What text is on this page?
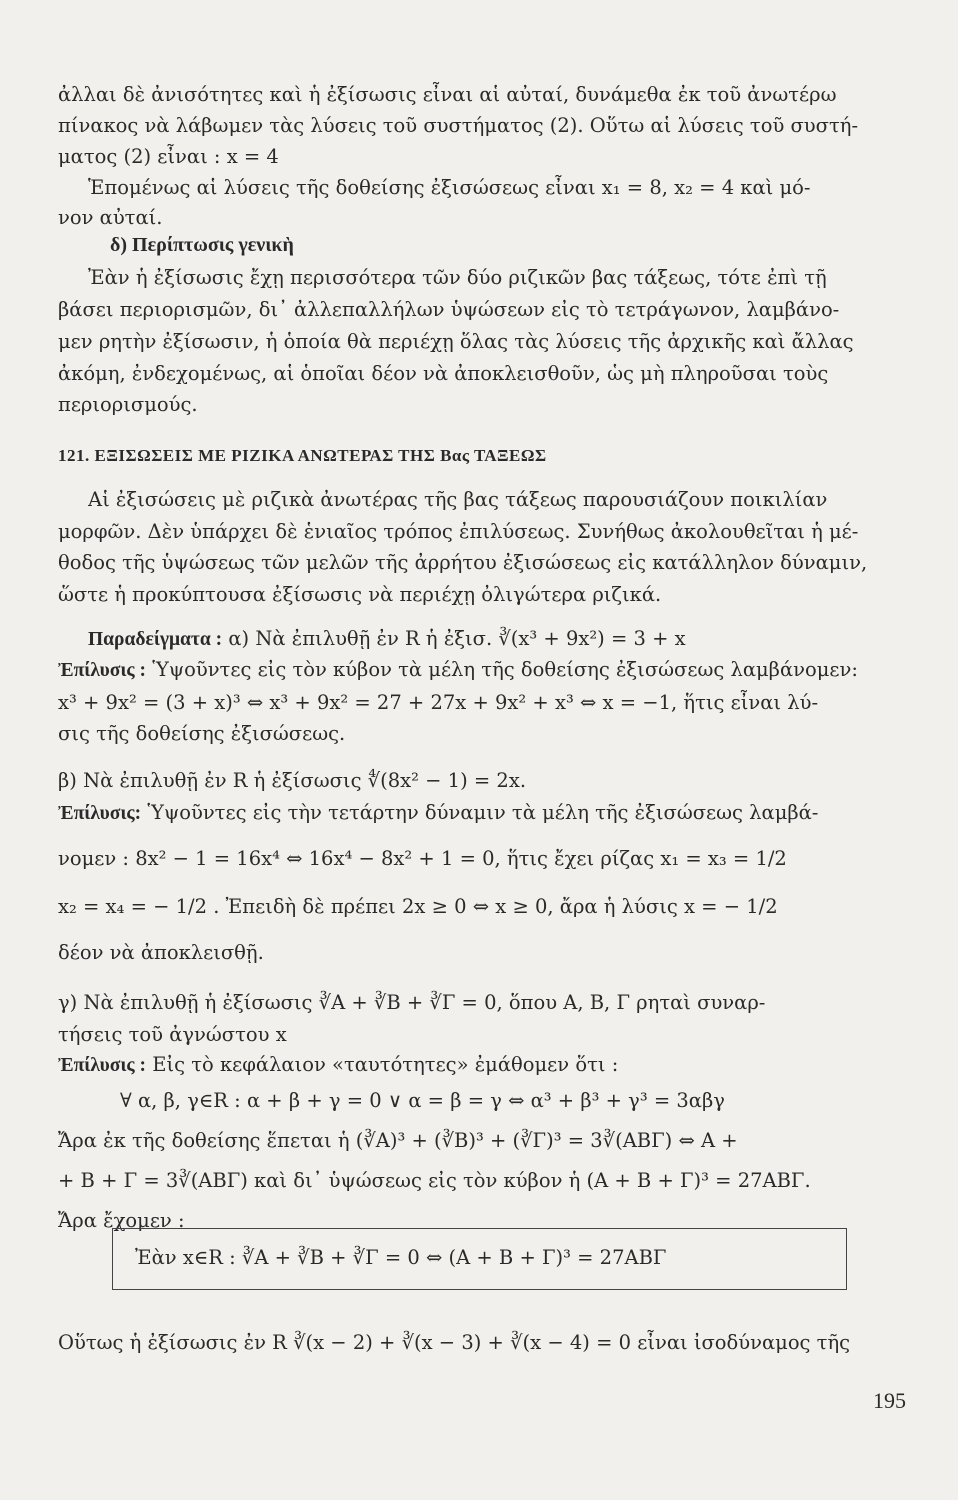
ἀλλαι δὲ ἀνισότητες καὶ ἡ ἐξίσωσις εἶναι αἱ αὐταί, δυνάμεθα ἐκ τοῦ ἀνωτέρω
πίνακος νὰ λάβωμεν τὰς λύσεις τοῦ συστήματος (2). Οὕτω αἱ λύσεις τοῦ συστή-
ματος (2) εἶναι : x = 4
Ἑπομένως αἱ λύσεις τῆς δοθείσης ἐξισώσεως εἶναι x₁ = 8, x₂ = 4 καὶ μό-
νον αὐταί.
δ) Περίπτωσις γενικὴ
Ἐὰν ἡ ἐξίσωσις ἔχῃ περισσότερα τῶν δύο ριζικῶν βας τάξεως, τότε ἐπὶ τῇ
βάσει περιορισμῶν, δι᾿ ἀλλεπαλλήλων ὑψώσεων εἰς τὸ τετράγωνον, λαμβάνο-
μεν ρητὴν ἐξίσωσιν, ἡ ὁποία θὰ περιέχῃ ὅλας τὰς λύσεις τῆς ἀρχικῆς καὶ ἄλλας
ἀκόμη, ἐνδεχομένως, αἱ ὁποῖαι δέον νὰ ἀποκλεισθοῦν, ὡς μὴ πληροῦσαι τοὺς
περιορισμούς.
121. ΕΞΙΣΩΣΕΙΣ ΜΕ ΡΙΖΙΚΑ ΑΝΩΤΕΡΑΣ ΤΗΣ Βας ΤΑΞΕΩΣ
Αἱ ἐξισώσεις μὲ ριζικὰ ἀνωτέρας τῆς βας τάξεως παρουσιάζουν ποικιλίαν
μορφῶν. Δὲν ὑπάρχει δὲ ἑνιαῖος τρόπος ἐπιλύσεως. Συνήθως ἀκολουθεῖται ἡ μέ-
θοδος τῆς ὑψώσεως τῶν μελῶν τῆς ἀρρήτου ἐξισώσεως εἰς κατάλληλον δύναμιν,
ὥστε ἡ προκύπτουσα ἐξίσωσις νὰ περιέχῃ ὀλιγώτερα ριζικά.
Παραδείγματα : α) Νὰ ἐπιλυθῇ ἐν R ἡ ἐξισ. ∛(x³ + 9x²) = 3 + x
Ἐπίλυσις : Ὑψοῦντες εἰς τὸν κύβον τὰ μέλη τῆς δοθείσης ἐξισώσεως λαμβάνομεν:
x³ + 9x² = (3 + x)³ ⇔ x³ + 9x² = 27 + 27x + 9x² + x³ ⇔ x = −1, ἥτις εἶναι λύ-
σις τῆς δοθείσης ἐξισώσεως.
β) Νὰ ἐπιλυθῇ ἐν R ἡ ἐξίσωσις ∜(8x² − 1) = 2x.
Ἐπίλυσις: Ὑψοῦντες εἰς τὴν τετάρτην δύναμιν τὰ μέλη τῆς ἐξισώσεως λαμβά-
νομεν : 8x² − 1 = 16x⁴ ⇔ 16x⁴ − 8x² + 1 = 0, ἥτις ἔχει ρίζας x₁ = x₃ = 1/2
x₂ = x₄ = − 1/2 . Ἐπειδὴ δὲ πρέπει 2x ≥ 0 ⇔ x ≥ 0, ἄρα ἡ λύσις x = − 1/2
δέον νὰ ἀποκλεισθῇ.
γ) Νὰ ἐπιλυθῇ ἡ ἐξίσωσις ∛A + ∛B + ∛Γ = 0, ὅπου A, B, Γ ρηταὶ συναρ-
τήσεις τοῦ ἀγνώστου x
Ἐπίλυσις : Εἰς τὸ κεφάλαιον «ταυτότητες» ἐμάθομεν ὅτι :
∀ α, β, γ∈R : α + β + γ = 0 ∨ α = β = γ ⇔ α³ + β³ + γ³ = 3αβγ
Ἄρα ἐκ τῆς δοθείσης ἕπεται ἡ (∛A)³ + (∛B)³ + (∛Γ)³ = 3∛(ABΓ) ⇔ A +
+ B + Γ = 3∛(ABΓ) καὶ δι᾿ ὑψώσεως εἰς τὸν κύβον ἡ (A + B + Γ)³ = 27ABΓ.
Ἄρα ἔχομεν :
Ἐὰν x∈R : ∛A + ∛B + ∛Γ = 0 ⇔ (A + B + Γ)³ = 27ABΓ
Οὕτως ἡ ἐξίσωσις ἐν R ∛(x − 2) + ∛(x − 3) + ∛(x − 4) = 0 εἶναι ἰσοδύναμος τῆς
195
